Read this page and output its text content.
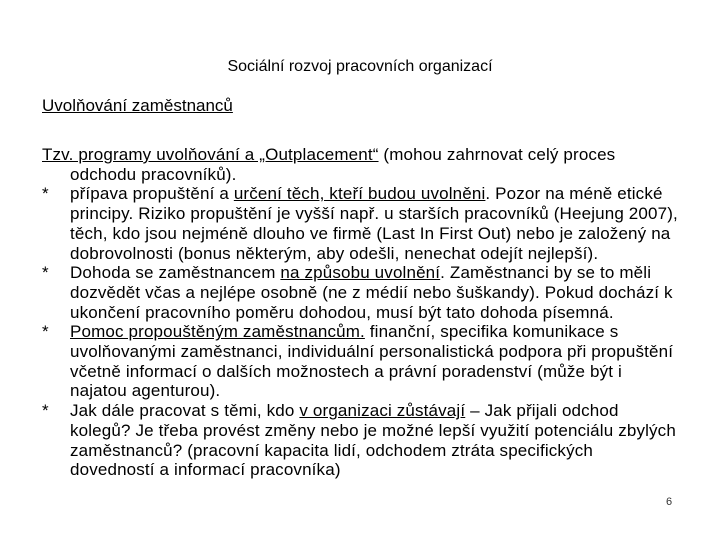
Sociální rozvoj pracovních organizací
Uvolňování zaměstnanců
Tzv. programy uvolňování a „Outplacement“ (mohou zahrnovat celý proces odchodu pracovníků).
* přípava propuštění a určení těch, kteří budou uvolněni. Pozor na méně etické principy. Riziko propuštění je vyšší např. u starších pracovníků (Heejung 2007), těch, kdo jsou nejméně dlouho ve firmě (Last In First Out) nebo je založený na dobrovolnosti (bonus některým, aby odešli, nenechat odejít nejlepší).
* Dohoda se zaměstnancem na způsobu uvolnění. Zaměstnanci by se to měli dozvědět včas a nejlépe osobně (ne z médií nebo šuškandy). Pokud dochází k ukončení pracovního poměru dohodou, musí být tato dohoda písemná.
* Pomoc propouštěným zaměstnancům. finanční, specifika komunikace s uvolňovanými zaměstnanci, individuální personalistická podpora při propuštění včetně informací o dalších možnostech a právní poradenství (může být i najatou agenturou).
* Jak dále pracovat s těmi, kdo v organizaci zůstávají – Jak přijali odchod kolegů? Je třeba provést změny nebo je možné lepší využití potenciálu zbylých zaměstnanců? (pracovní kapacita lidí, odchodem ztráta specifických dovedností a informací pracovníka)
6
